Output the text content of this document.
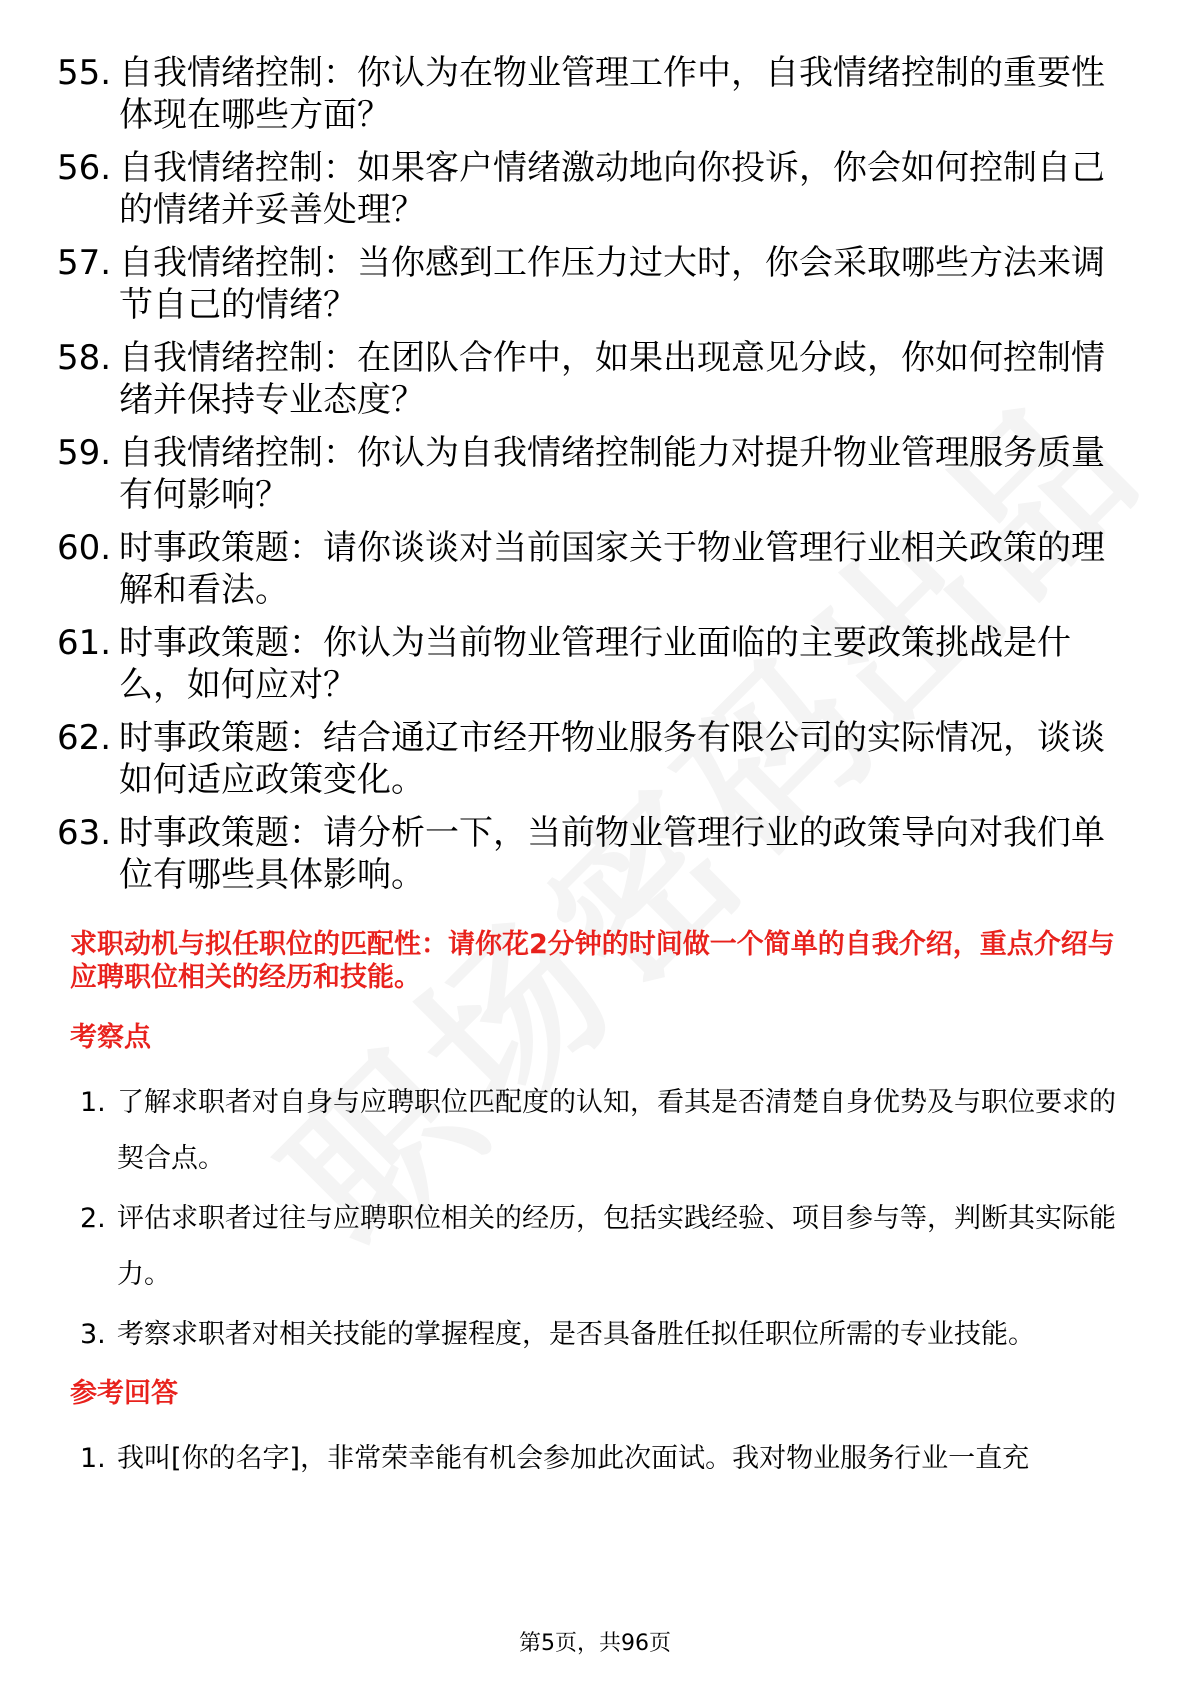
55. 自我情绪控制：你认为在物业管理工作中，自我情绪控制的重要性体现在哪些方面？
56. 自我情绪控制：如果客户情绪激动地向你投诉，你会如何控制自己的情绪并妥善处理？
57. 自我情绪控制：当你感到工作压力过大时，你会采取哪些方法来调节自己的情绪？
58. 自我情绪控制：在团队合作中，如果出现意见分歧，你如何控制情绪并保持专业态度？
59. 自我情绪控制：你认为自我情绪控制能力对提升物业管理服务质量有何影响？
60. 时事政策题：请你谈谈对当前国家关于物业管理行业相关政策的理解和看法。
61. 时事政策题：你认为当前物业管理行业面临的主要政策挑战是什么，如何应对？
62. 时事政策题：结合通辽市经开物业服务有限公司的实际情况，谈谈如何适应政策变化。
63. 时事政策题：请分析一下，当前物业管理行业的政策导向对我们单位有哪些具体影响。
求职动机与拟任职位的匹配性：请你花2分钟的时间做一个简单的自我介绍，重点介绍与应聘职位相关的经历和技能。
考察点
1. 了解求职者对自身与应聘职位匹配度的认知，看其是否清楚自身优势及与职位要求的契合点。
2. 评估求职者过往与应聘职位相关的经历，包括实践经验、项目参与等，判断其实际能力。
3. 考察求职者对相关技能的掌握程度，是否具备胜任拟任职位所需的专业技能。
参考回答
1. 我叫[你的名字]，非常荣幸能有机会参加此次面试。我对物业服务行业一直充
第5页，共96页
